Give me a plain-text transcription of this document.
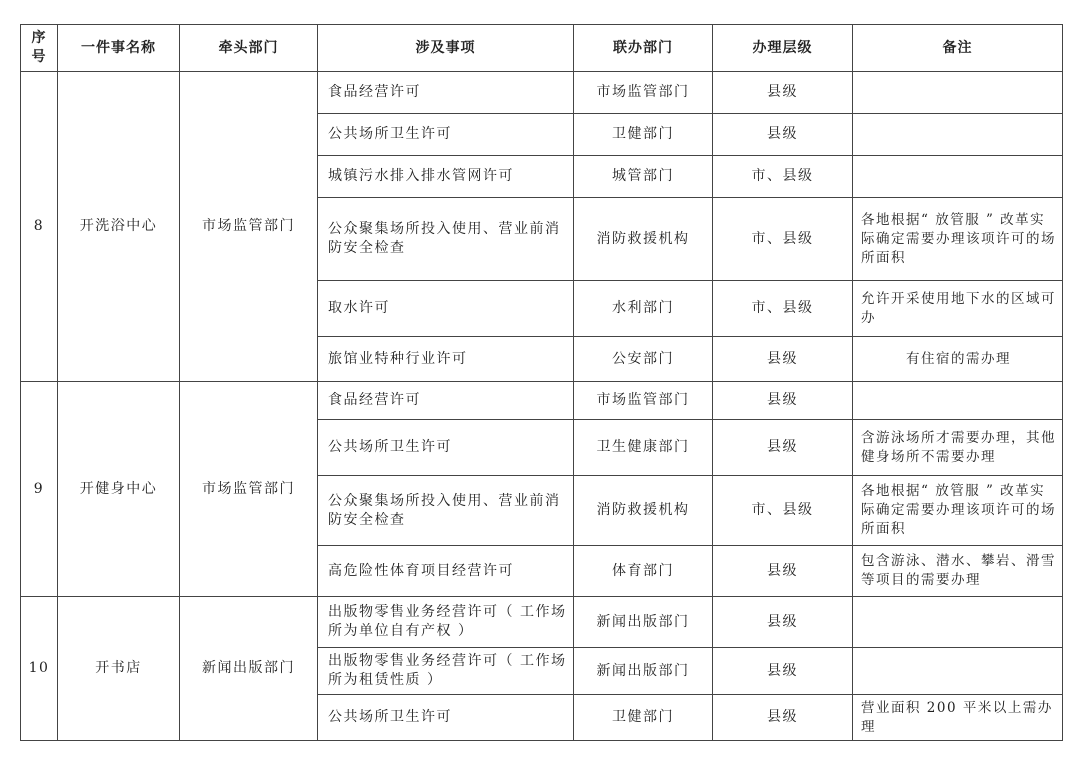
序号	一件事名称	牵头部门	涉及事项	联办部门	办理层级	备注
8	开洗浴中心	市场监管部门	食品经营许可	市场监管部门	县级	
			公共场所卫生许可	卫健部门	县级	
			城镇污水排入排水管网许可	城管部门	市、县级	
			公众聚集场所投入使用、营业前消防安全检查	消防救援机构	市、县级	各地根据“ 放管服 ” 改革实际确定需要办理该项许可的场所面积
			取水许可	水利部门	市、县级	允许开采使用地下水的区域可办
			旅馆业特种行业许可	公安部门	县级	有住宿的需办理
9	开健身中心	市场监管部门	食品经营许可	市场监管部门	县级	
			公共场所卫生许可	卫生健康部门	县级	含游泳场所才需要办理，其他健身场所不需要办理
			公众聚集场所投入使用、营业前消防安全检查	消防救援机构	市、县级	各地根据“ 放管服 ” 改革实际确定需要办理该项许可的场所面积
			高危险性体育项目经营许可	体育部门	县级	包含游泳、潜水、攀岩、滑雪等项目的需要办理
10	开书店	新闻出版部门	出版物零售业务经营许可（ 工作场所为单位自有产权 ）	新闻出版部门	县级	
			出版物零售业务经营许可（ 工作场所为租赁性质 ）	新闻出版部门	县级	
			公共场所卫生许可	卫健部门	县级	营业面积 200 平米以上需办理
